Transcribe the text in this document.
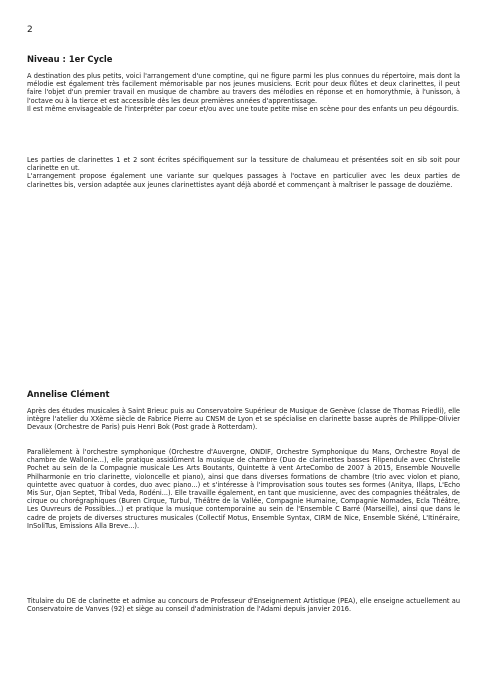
2
Niveau : 1er Cycle

A destination des plus petits, voici l'arrangement d'une comptine, qui ne figure parmi les plus connues du répertoire, mais dont la mélodie est également très facilement mémorisable par nos jeunes musiciens. Ecrit pour deux flûtes et deux clarinettes, il peut faire l'objet d'un premier travail en musique de chambre au travers des mélodies en réponse et en homorythmie, à l'unisson, à l'octave ou à la tierce et est accessible dès les deux premières années d'apprentissage.

Il est même envisageable de l'interpréter par coeur et/ou avec une toute petite mise en scène pour des enfants un peu dégourdis.

Les parties de clarinettes 1 et 2 sont écrites spécifiquement sur la tessiture de chalumeau et présentées soit en sib soit pour clarinette en ut.

L'arrangement propose également une variante sur quelques passages à l'octave en particulier avec les deux parties de clarinettes bis, version adaptée aux jeunes clarinettistes ayant déjà abordé et commençant à maîtriser le passage de douzième.

Annelise Clément
Après des études musicales à Saint Brieuc puis au Conservatoire Supérieur de Musique de Genève (classe de Thomas Friedli), elle intègre l'atelier du XXème siècle de Fabrice Pierre au CNSM de Lyon et se spécialise en clarinette basse auprès de Philippe-Olivier Devaux (Orchestre de Paris) puis Henri Bok (Post grade à Rotterdam).
Parallèlement à l'orchestre symphonique (Orchestre d'Auvergne, ONDIF, Orchestre Symphonique du Mans, Orchestre Royal de chambre de Wallonie...), elle pratique assidûment la musique de chambre (Duo de clarinettes basses Filipendule avec Christelle Pochet au sein de la Compagnie musicale Les Arts Boutants, Quintette à vent ArteCombo de 2007 à 2015, Ensemble Nouvelle Philharmonie en trio clarinette, violoncelle et piano), ainsi que dans diverses formations de chambre (trio avec violon et piano, quintette avec quatuor à cordes, duo avec piano...) et s'intéresse à l'improvisation sous toutes ses formes (Anitya, Illaps, L'Echo Mis Sur, Ojan Septet, Tribal Veda, Rodéni...). Elle travaille également, en tant que musicienne, avec des compagnies théâtrales, de cirque ou chorégraphiques (Buren Cirque, Turbul, Théâtre de la Vallée, Compagnie Humaine, Compagnie Nomades, Ecla Théâtre, Les Ouvreurs de Possibles...) et pratique la musique contemporaine au sein de l'Ensemble C Barré (Marseille), ainsi que dans le cadre de projets de diverses structures musicales (Collectif Motus, Ensemble Syntax, CIRM de Nice, Ensemble Skéné, L'Itinéraire, InSoliTus, Emissions Alla Breve...).
Titulaire du DE de clarinette et admise au concours de Professeur d'Enseignement Artistique (PEA), elle enseigne actuellement au Conservatoire de Vanves (92) et siège au conseil d'administration de l'Adami depuis janvier 2016.
